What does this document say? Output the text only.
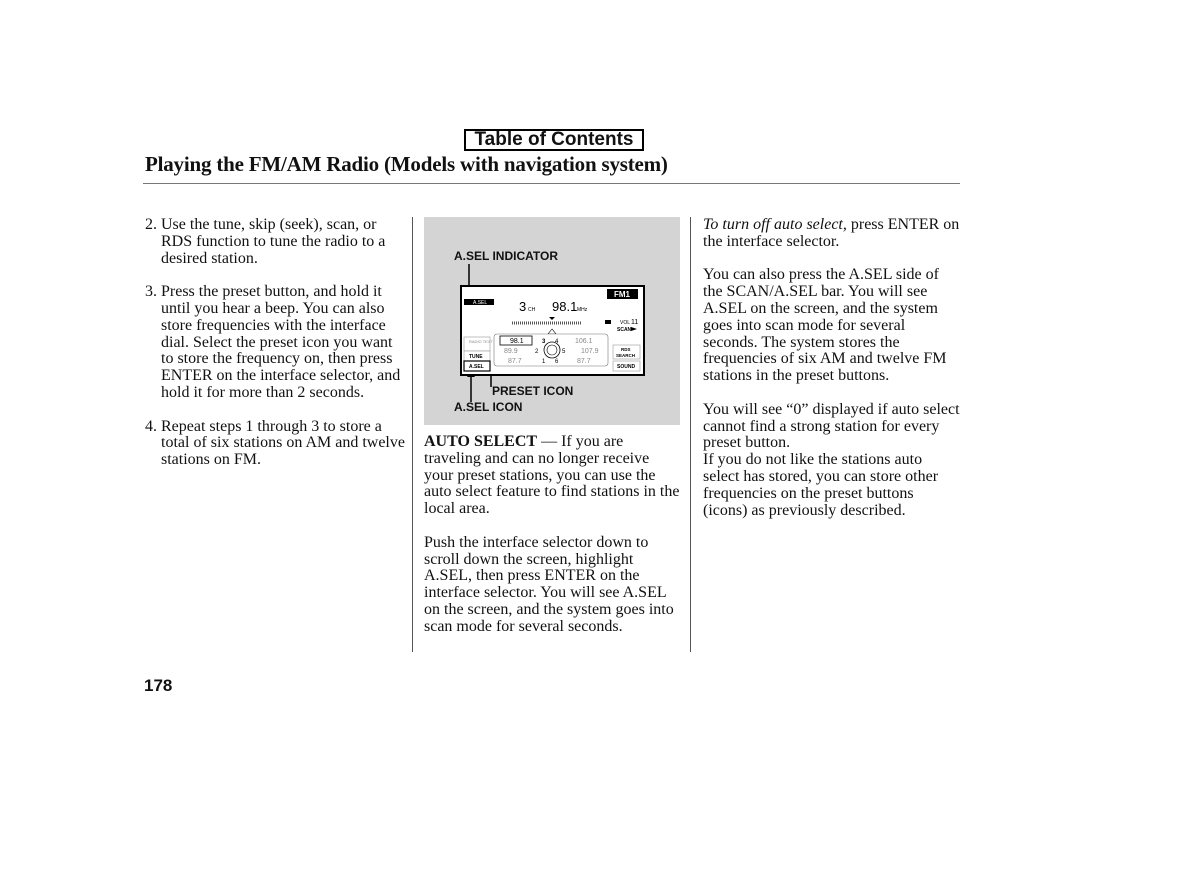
Table of Contents
Playing the FM/AM Radio (Models with navigation system)
2. Use the tune, skip (seek), scan, or RDS function to tune the radio to a desired station.
3. Press the preset button, and hold it until you hear a beep. You can also store frequencies with the interface dial. Select the preset icon you want to store the frequency on, then press ENTER on the interface selector, and hold it for more than 2 seconds.
4. Repeat steps 1 through 3 to store a total of six stations on AM and twelve stations on FM.
A.SEL INDICATOR
PRESET ICON
A.SEL ICON
A.SEL 3 CH 98.1 MHz
FM1
VOL 11
SCAN
RADIO TEXT
TUNE
A.SEL
98.1
89.9
87.7
3
2
1
4
5
6
106.1
107.9
87.7
RDS
SEARCH
SOUND
AUTO SELECT — If you are traveling and can no longer receive your preset stations, you can use the auto select feature to find stations in the local area.
Push the interface selector down to scroll down the screen, highlight A.SEL, then press ENTER on the interface selector. You will see A.SEL on the screen, and the system goes into scan mode for several seconds.
To turn off auto select, press ENTER on the interface selector.
You can also press the A.SEL side of the SCAN/A.SEL bar. You will see A.SEL on the screen, and the system goes into scan mode for several seconds. The system stores the frequencies of six AM and twelve FM stations in the preset buttons.
You will see “0” displayed if auto select cannot find a strong station for every preset button.
If you do not like the stations auto select has stored, you can store other frequencies on the preset buttons (icons) as previously described.
178
